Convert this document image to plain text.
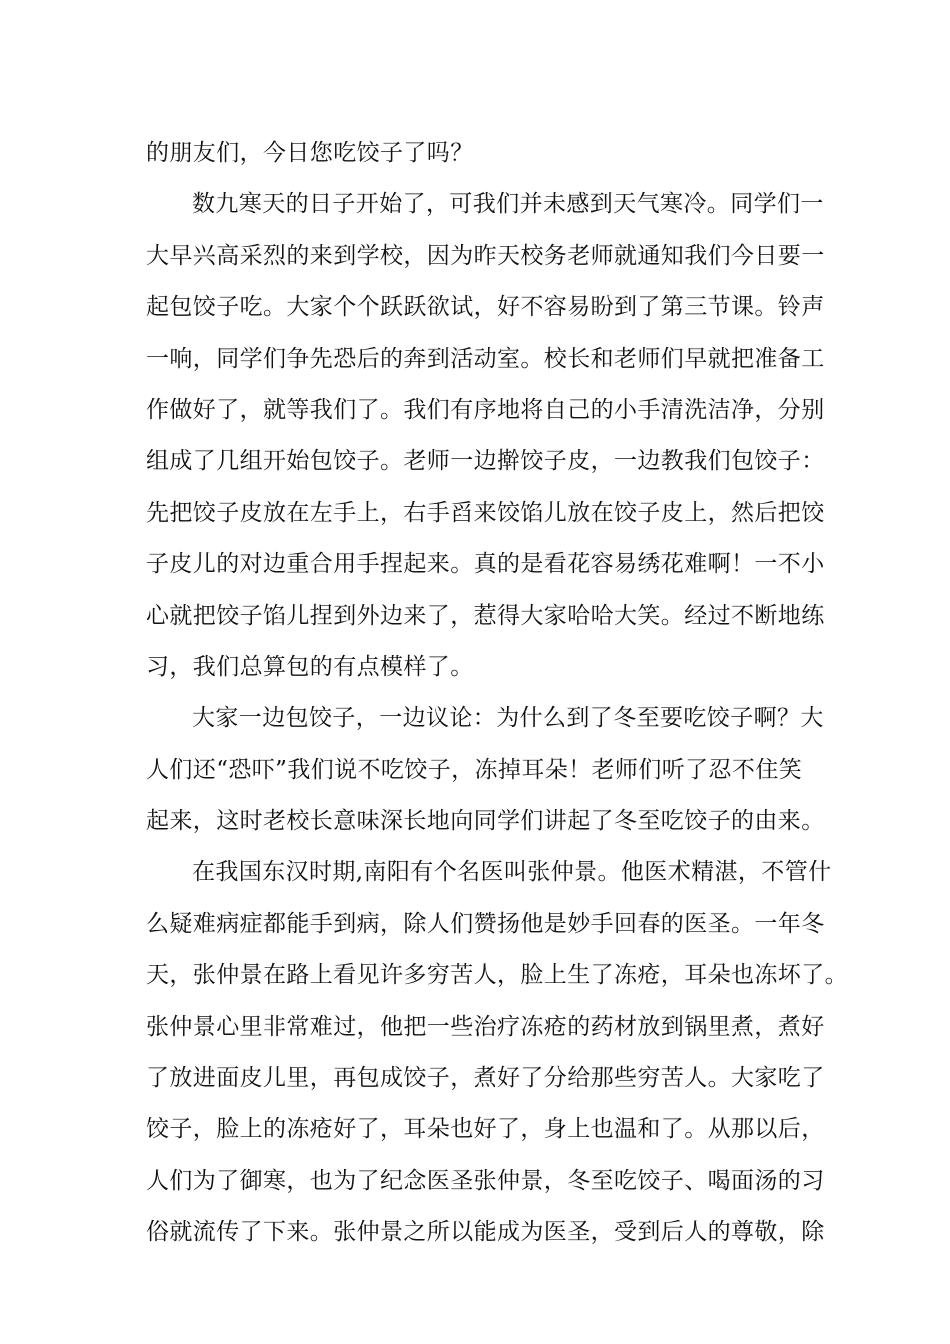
的朋友们，今日您吃饺子了吗？
数九寒天的日子开始了，可我们并未感到天气寒冷。同学们一
大早兴高采烈的来到学校，因为昨天校务老师就通知我们今日要一
起包饺子吃。大家个个跃跃欲试，好不容易盼到了第三节课。铃声
一响，同学们争先恐后的奔到活动室。校长和老师们早就把准备工
作做好了，就等我们了。我们有序地将自己的小手清洗洁净，分别
组成了几组开始包饺子。老师一边擀饺子皮，一边教我们包饺子：
先把饺子皮放在左手上，右手舀来饺馅儿放在饺子皮上，然后把饺
子皮儿的对边重合用手捏起来。真的是看花容易绣花难啊！一不小
心就把饺子馅儿捏到外边来了，惹得大家哈哈大笑。经过不断地练
习，我们总算包的有点模样了。
大家一边包饺子，一边议论：为什么到了冬至要吃饺子啊？大
人们还“恐吓”我们说不吃饺子，冻掉耳朵！老师们听了忍不住笑
起来，这时老校长意味深长地向同学们讲起了冬至吃饺子的由来。
在我国东汉时期,南阳有个名医叫张仲景。他医术精湛，不管什
么疑难病症都能手到病，除人们赞扬他是妙手回春的医圣。一年冬
天，张仲景在路上看见许多穷苦人，脸上生了冻疮，耳朵也冻坏了。
张仲景心里非常难过，他把一些治疗冻疮的药材放到锅里煮，煮好
了放进面皮儿里，再包成饺子，煮好了分给那些穷苦人。大家吃了
饺子，脸上的冻疮好了，耳朵也好了，身上也温和了。从那以后，
人们为了御寒，也为了纪念医圣张仲景，冬至吃饺子、喝面汤的习
俗就流传了下来。张仲景之所以能成为医圣，受到后人的尊敬，除
